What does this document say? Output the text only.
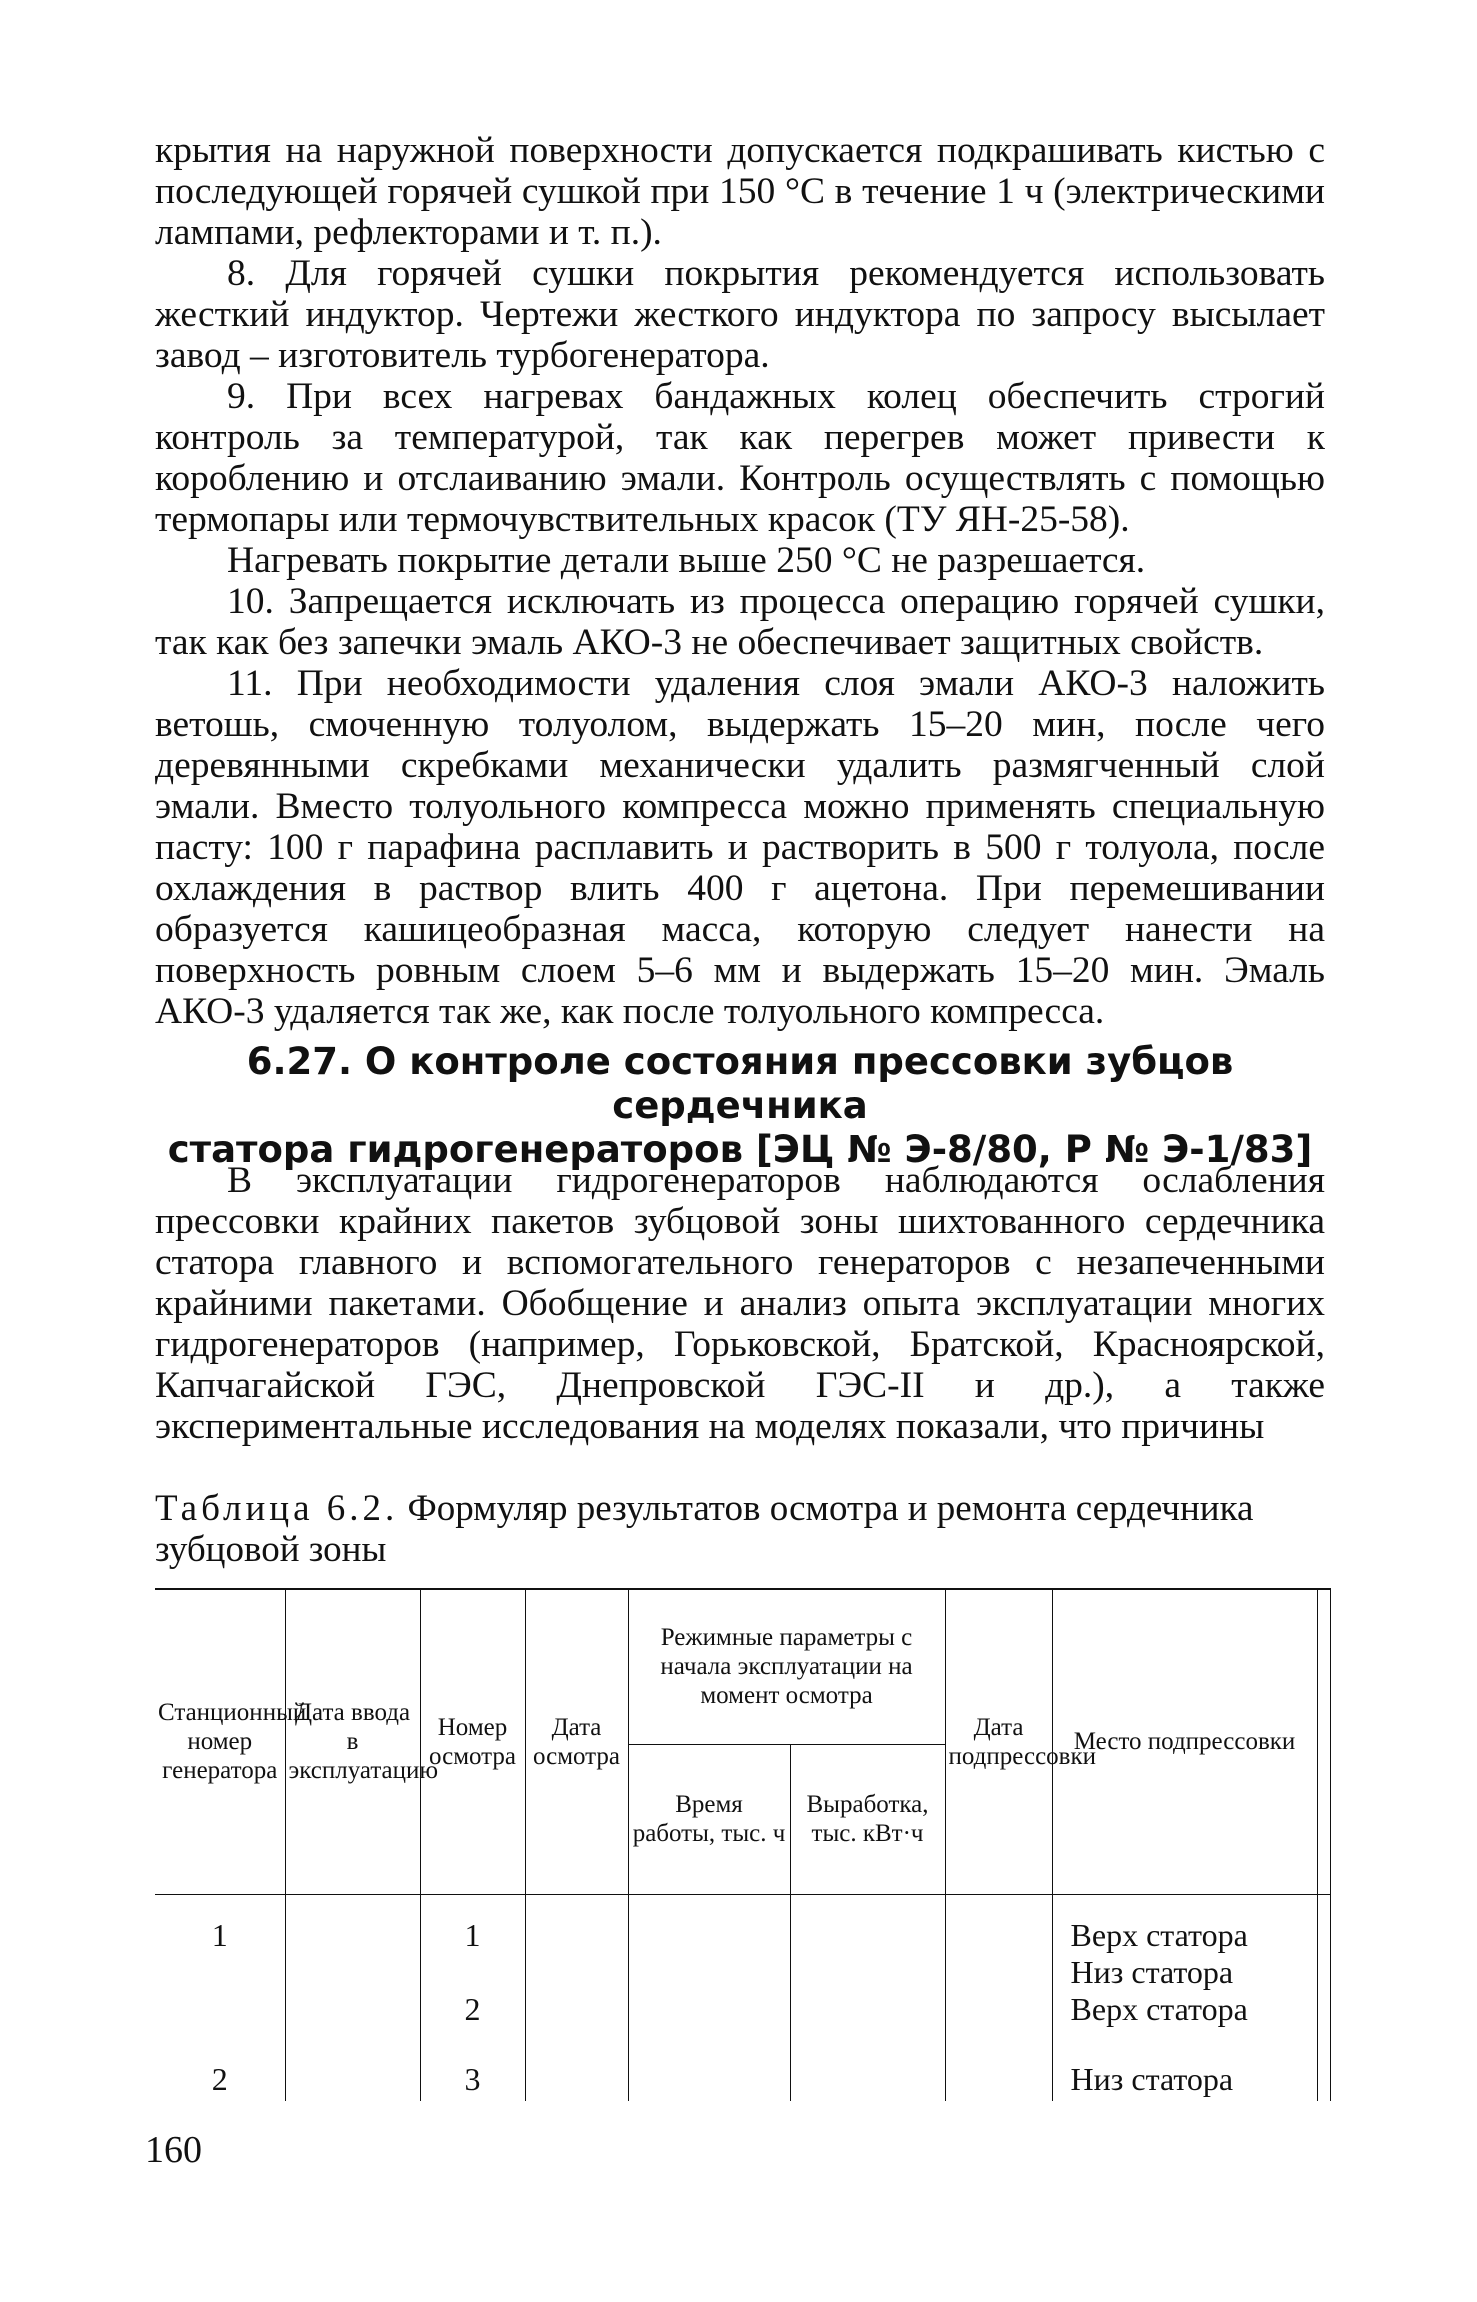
крытия на наружной поверхности допускается подкрашивать кистью с последующей горячей сушкой при 150 °С в течение 1 ч (электрическими лампами, рефлекторами и т. п.).

8. Для горячей сушки покрытия рекомендуется использовать жесткий индуктор. Чертежи жесткого индуктора по запросу высылает завод – изготовитель турбогенератора.

9. При всех нагревах бандажных колец обеспечить строгий контроль за температурой, так как перегрев может привести к короблению и отслаиванию эмали. Контроль осуществлять с помощью термопары или термочувствительных красок (ТУ ЯН-25-58).

Нагревать покрытие детали выше 250 °С не разрешается.

10. Запрещается исключать из процесса операцию горячей сушки, так как без запечки эмаль АКО-3 не обеспечивает защитных свойств.

11. При необходимости удаления слоя эмали АКО-3 наложить ветошь, смоченную толуолом, выдержать 15–20 мин, после чего деревянными скребками механически удалить размягченный слой эмали. Вместо толуольного компресса можно применять специальную пасту: 100 г парафина расплавить и растворить в 500 г толуола, после охлаждения в раствор влить 400 г ацетона. При перемешивании образуется кашицеобразная масса, которую следует нанести на поверхность ровным слоем 5–6 мм и выдержать 15–20 мин. Эмаль АКО-3 удаляется так же, как после толуольного компресса.

6.27. О контроле состояния прессовки зубцов сердечника
статора гидрогенераторов [ЭЦ № Э-8/80, Р № Э-1/83]

В эксплуатации гидрогенераторов наблюдаются ослабления прессовки крайних пакетов зубцовой зоны шихтованного сердечника статора главного и вспомогательного генераторов с незапеченными крайними пакетами. Обобщение и анализ опыта эксплуатации многих гидрогенераторов (например, Горьковской, Братской, Красноярской, Капчагайской ГЭС, Днепровской ГЭС-II и др.), а также экспериментальные исследования на моделях показали, что причины

Таблица 6.2. Формуляр результатов осмотра и ремонта сердечника зубцовой зоны
Станционный номер генератора	Дата ввода в эксплуатацию	Номер осмотра	Дата осмотра	Режимные параметры с начала эксплуатации на момент осмотра		Дата подпрессовки	Место подпрессовки	
				Время работы, тыс. ч	Выработка, тыс. кВт·ч			
1		1					Верх статора	
							Низ статора	
		2					Верх статора	
2		3					Низ статора	
160
